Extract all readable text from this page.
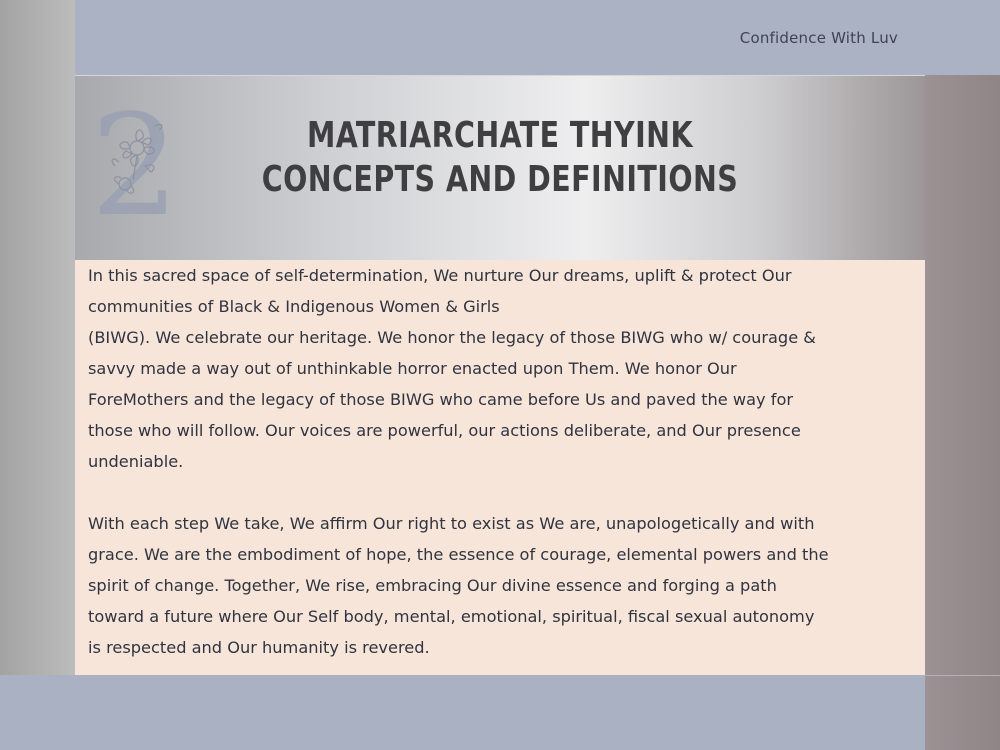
Confidence With Luv
2	MATRIARCHATE THYINK
CONCEPTS AND DEFINITIONS

In this sacred space of self-determination, We nurture Our dreams, uplift & protect Our
communities of Black & Indigenous Women & Girls
(BIWG). We celebrate our heritage. We honor the legacy of those BIWG who w/ courage &
savvy made a way out of unthinkable horror enacted upon Them. We honor Our
ForeMothers and the legacy of those BIWG who came before Us and paved the way for
those who will follow. Our voices are powerful, our actions deliberate, and Our presence
undeniable.

With each step We take, We affirm Our right to exist as We are, unapologetically and with
grace. We are the embodiment of hope, the essence of courage, elemental powers and the
spirit of change. Together, We rise, embracing Our divine essence and forging a path
toward a future where Our Self body, mental, emotional, spiritual, fiscal sexual autonomy
is respected and Our humanity is revered.
